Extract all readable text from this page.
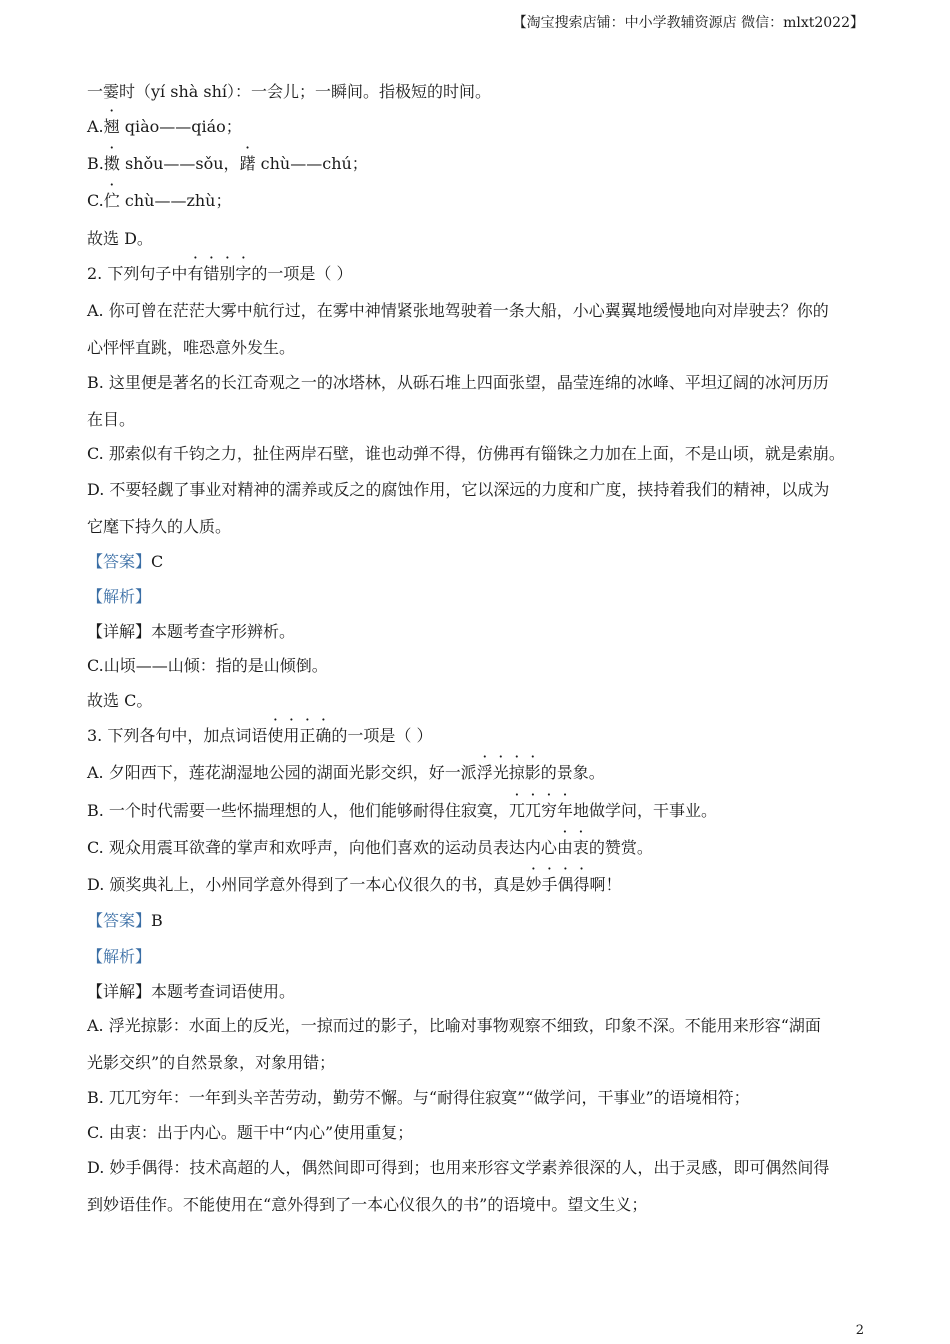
【淘宝搜索店铺：中小学教辅资源店 微信：mlxt2022】
一霎时（yí shà shí）：一会儿；一瞬间。指极短的时间。
A.翘 qiào——qiáo；
B.擞 shǒu——sǒu，躇 chù——chú；
C.伫 chù——zhù；
故选 D。
2. 下列句子中有错别字的一项是（ ）
A. 你可曾在茫茫大雾中航行过，在雾中神情紧张地驾驶着一条大船，小心翼翼地缓慢地向对岸驶去？你的
心怦怦直跳，唯恐意外发生。
B. 这里便是著名的长江奇观之一的冰塔林，从砾石堆上四面张望，晶莹连绵的冰峰、平坦辽阔的冰河历历
在目。
C. 那索似有千钧之力，扯住两岸石壁，谁也动弹不得，仿佛再有锱铢之力加在上面，不是山顷，就是索崩。
D. 不要轻觑了事业对精神的濡养或反之的腐蚀作用，它以深远的力度和广度，挟持着我们的精神，以成为
它麾下持久的人质。
【答案】C
【解析】
【详解】本题考查字形辨析。
C.山顷——山倾：指的是山倾倒。
故选 C。
3. 下列各句中，加点词语使用正确的一项是（ ）
A. 夕阳西下，莲花湖湿地公园的湖面光影交织，好一派浮光掠影的景象。
B. 一个时代需要一些怀揣理想的人，他们能够耐得住寂寞，兀兀穷年地做学问，干事业。
C. 观众用震耳欲聋的掌声和欢呼声，向他们喜欢的运动员表达内心由衷的赞赏。
D. 颁奖典礼上，小州同学意外得到了一本心仪很久的书，真是妙手偶得啊！
【答案】B
【解析】
【详解】本题考查词语使用。
A. 浮光掠影：水面上的反光，一掠而过的影子，比喻对事物观察不细致，印象不深。不能用来形容“湖面
光影交织”的自然景象，对象用错；
B. 兀兀穷年：一年到头辛苦劳动，勤劳不懈。与“耐得住寂寞”“做学问，干事业”的语境相符；
C. 由衷：出于内心。题干中“内心”使用重复；
D. 妙手偶得：技术高超的人，偶然间即可得到；也用来形容文学素养很深的人，出于灵感，即可偶然间得
到妙语佳作。不能使用在“意外得到了一本心仪很久的书”的语境中。望文生义；
2
